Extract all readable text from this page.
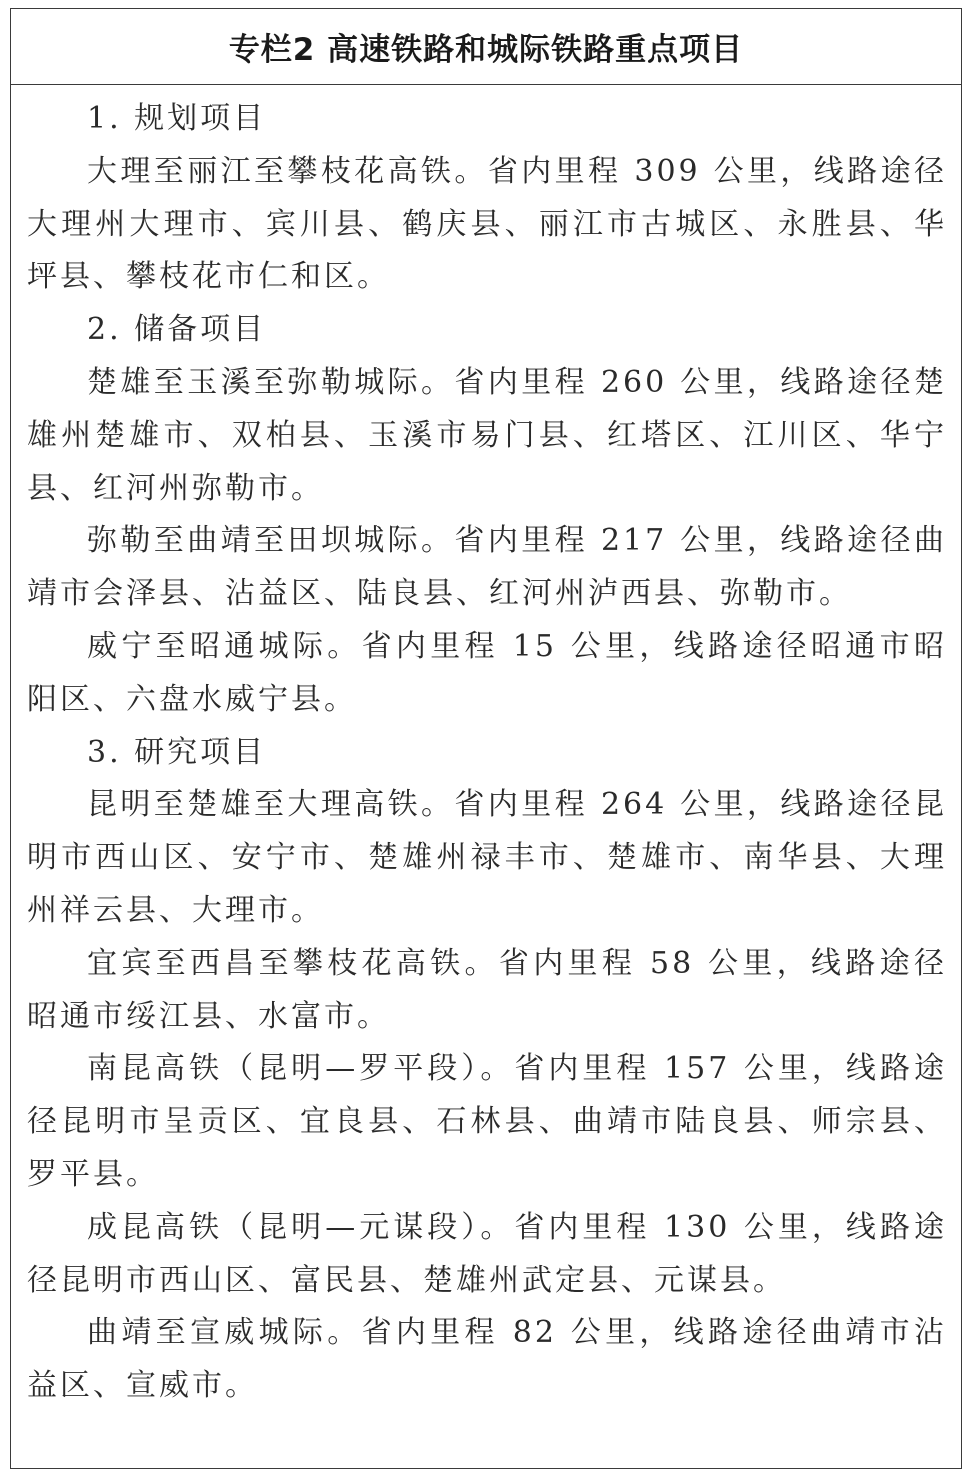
专栏2 高速铁路和城际铁路重点项目

1. 规划项目

大理至丽江至攀枝花高铁。省内里程 309 公里，线路途径大理州大理市、宾川县、鹤庆县、丽江市古城区、永胜县、华坪县、攀枝花市仁和区。

2. 储备项目

楚雄至玉溪至弥勒城际。省内里程 260 公里，线路途径楚雄州楚雄市、双柏县、玉溪市易门县、红塔区、江川区、华宁县、红河州弥勒市。

弥勒至曲靖至田坝城际。省内里程 217 公里，线路途径曲靖市会泽县、沾益区、陆良县、红河州泸西县、弥勒市。

威宁至昭通城际。省内里程 15 公里，线路途径昭通市昭阳区、六盘水威宁县。

3. 研究项目

昆明至楚雄至大理高铁。省内里程 264 公里，线路途径昆明市西山区、安宁市、楚雄州禄丰市、楚雄市、南华县、大理州祥云县、大理市。

宜宾至西昌至攀枝花高铁。省内里程 58 公里，线路途径昭通市绥江县、水富市。

南昆高铁（昆明—罗平段）。省内里程 157 公里，线路途径昆明市呈贡区、宜良县、石林县、曲靖市陆良县、师宗县、罗平县。

成昆高铁（昆明—元谋段）。省内里程 130 公里，线路途径昆明市西山区、富民县、楚雄州武定县、元谋县。

曲靖至宣威城际。省内里程 82 公里，线路途径曲靖市沾益区、宣威市。
